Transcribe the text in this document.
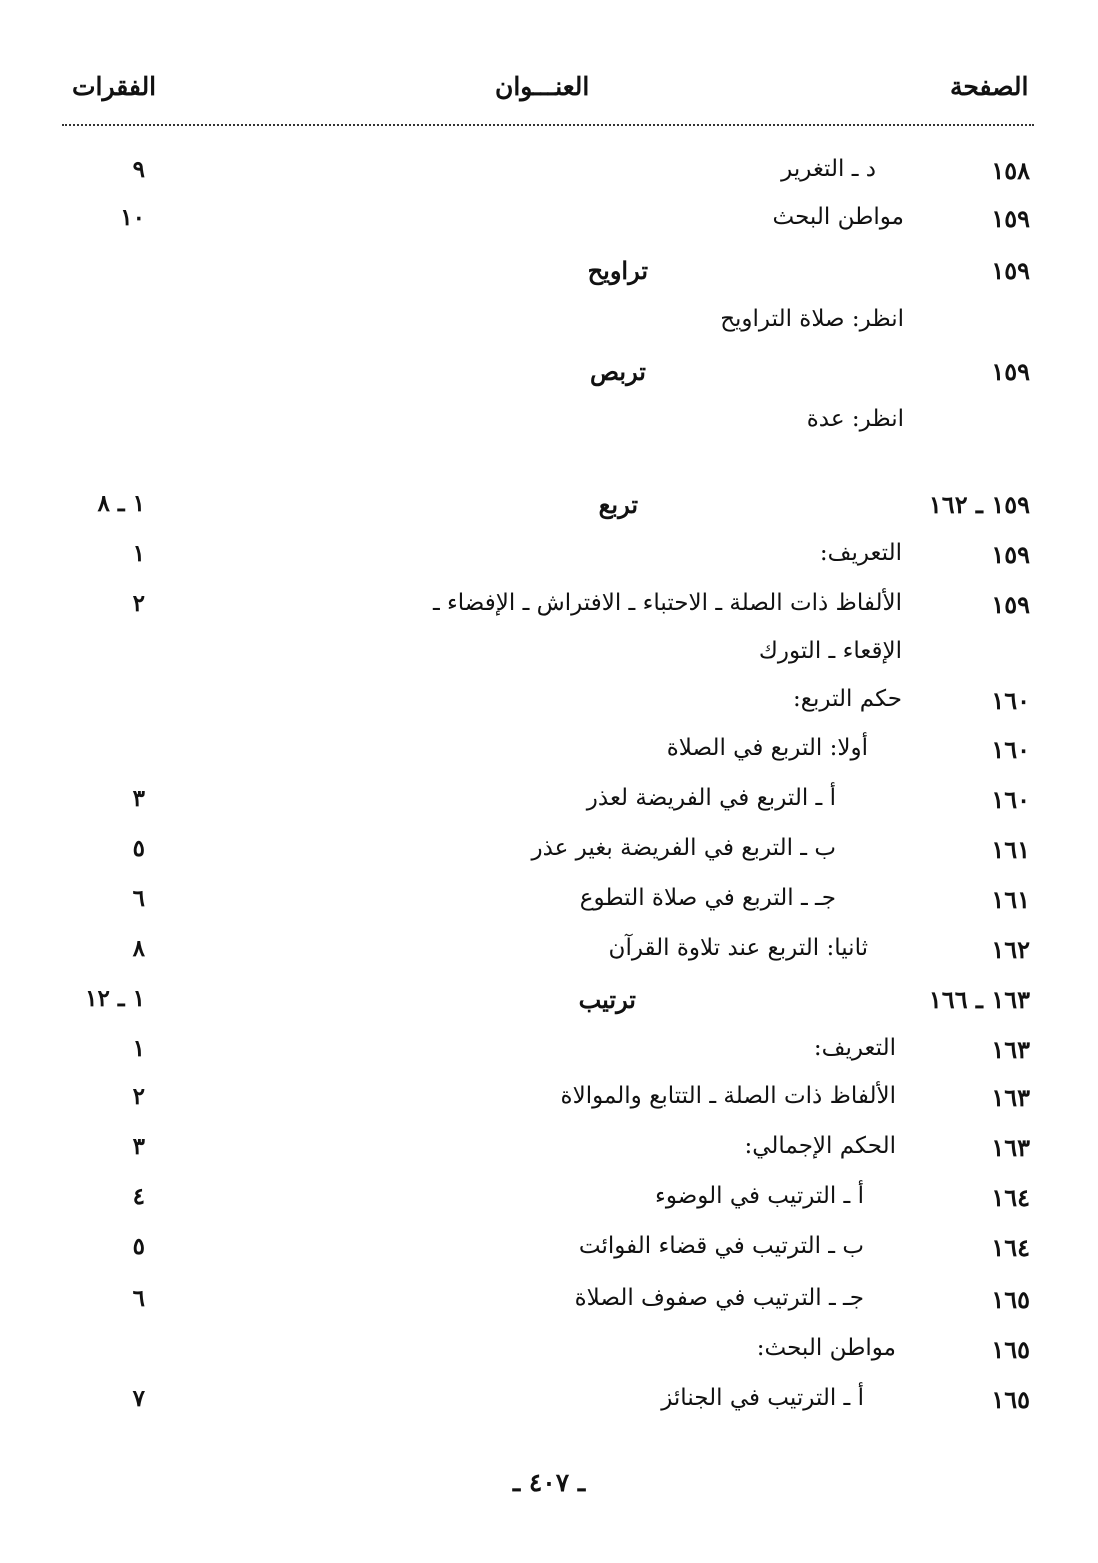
الصفحة
العنـــوان
الفقرات
١٥٨
د ـ التغرير
٩
١٥٩
مواطن البحث
١٠
١٥٩
تراويح
انظر: صلاة التراويح
١٥٩
تربص
انظر: عدة
١٥٩ ـ ١٦٢
تربع
١ ـ ٨
١٥٩
التعريف:
١
١٥٩
الألفاظ ذات الصلة ـ الاحتباء ـ الافتراش ـ الإفضاء ـ
٢
الإقعاء ـ التورك
١٦٠
حكم التربع:
١٦٠
أولا: التربع في الصلاة
١٦٠
أ ـ التربع في الفريضة لعذر
٣
١٦١
ب ـ التربع في الفريضة بغير عذر
٥
١٦١
جـ ـ التربع في صلاة التطوع
٦
١٦٢
ثانيا: التربع عند تلاوة القرآن
٨
١٦٣ ـ ١٦٦
ترتيب
١ ـ ١٢
١٦٣
التعريف:
١
١٦٣
الألفاظ ذات الصلة ـ التتابع والموالاة
٢
١٦٣
الحكم الإجمالي:
٣
١٦٤
أ ـ الترتيب في الوضوء
٤
١٦٤
ب ـ الترتيب في قضاء الفوائت
٥
١٦٥
جـ ـ الترتيب في صفوف الصلاة
٦
١٦٥
مواطن البحث:
١٦٥
أ ـ الترتيب في الجنائز
٧
ـ ٤٠٧ ـ
